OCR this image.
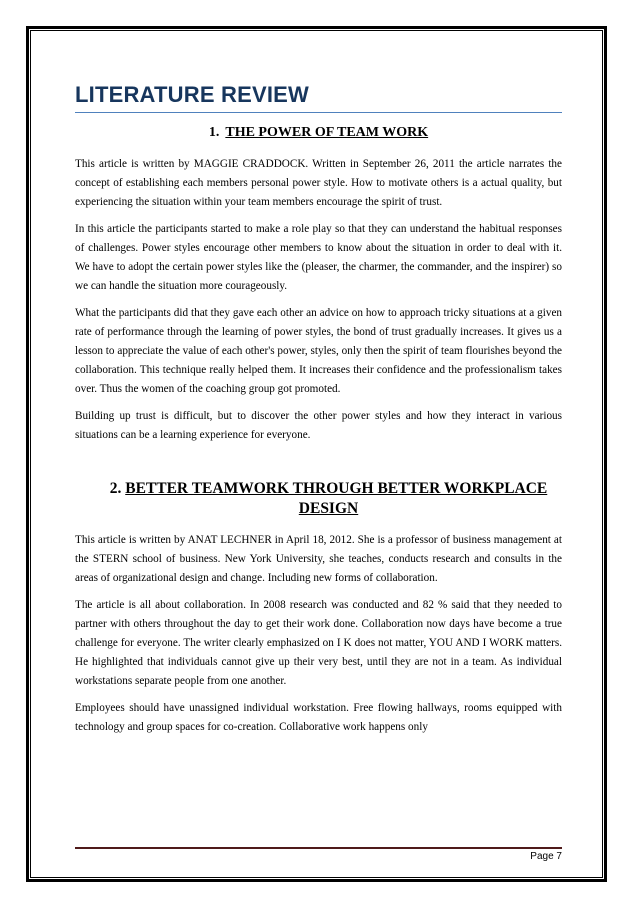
LITERATURE REVIEW
1. THE POWER OF TEAM WORK

This article is written by MAGGIE CRADDOCK. Written in September 26, 2011 the article narrates the concept of establishing each members personal power style. How to motivate others is a actual quality, but experiencing the situation within your team members encourage the spirit of trust.

In this article the participants started to make a role play so that they can understand the habitual responses of challenges. Power styles encourage other members to know about the situation in order to deal with it. We have to adopt the certain power styles like the (pleaser, the charmer, the commander, and the inspirer) so we can handle the situation more courageously.

What the participants did that they gave each other an advice on how to approach tricky situations at a given rate of performance through the learning of power styles, the bond of trust gradually increases. It gives us a lesson to appreciate the value of each other's power, styles, only then the spirit of team flourishes beyond the collaboration. This technique really helped them. It increases their confidence and the professionalism takes over. Thus the women of the coaching group got promoted.

Building up trust is difficult, but to discover the other power styles and how they interact in various situations can be a learning experience for everyone.

2. BETTER TEAMWORK THROUGH BETTER WORKPLACE DESIGN

This article is written by ANAT LECHNER in April 18, 2012. She is a professor of business management at the STERN school of business. New York University, she teaches, conducts research and consults in the areas of organizational design and change. Including new forms of collaboration.

The article is all about collaboration. In 2008 research was conducted and 82 % said that they needed to partner with others throughout the day to get their work done. Collaboration now days have become a true challenge for everyone. The writer clearly emphasized on I K does not matter, YOU AND I WORK matters. He highlighted that individuals cannot give up their very best, until they are not in a team. As individual workstations separate people from one another.

Employees should have unassigned individual workstation. Free flowing hallways, rooms equipped with technology and group spaces for co-creation. Collaborative work happens only

Page 7
